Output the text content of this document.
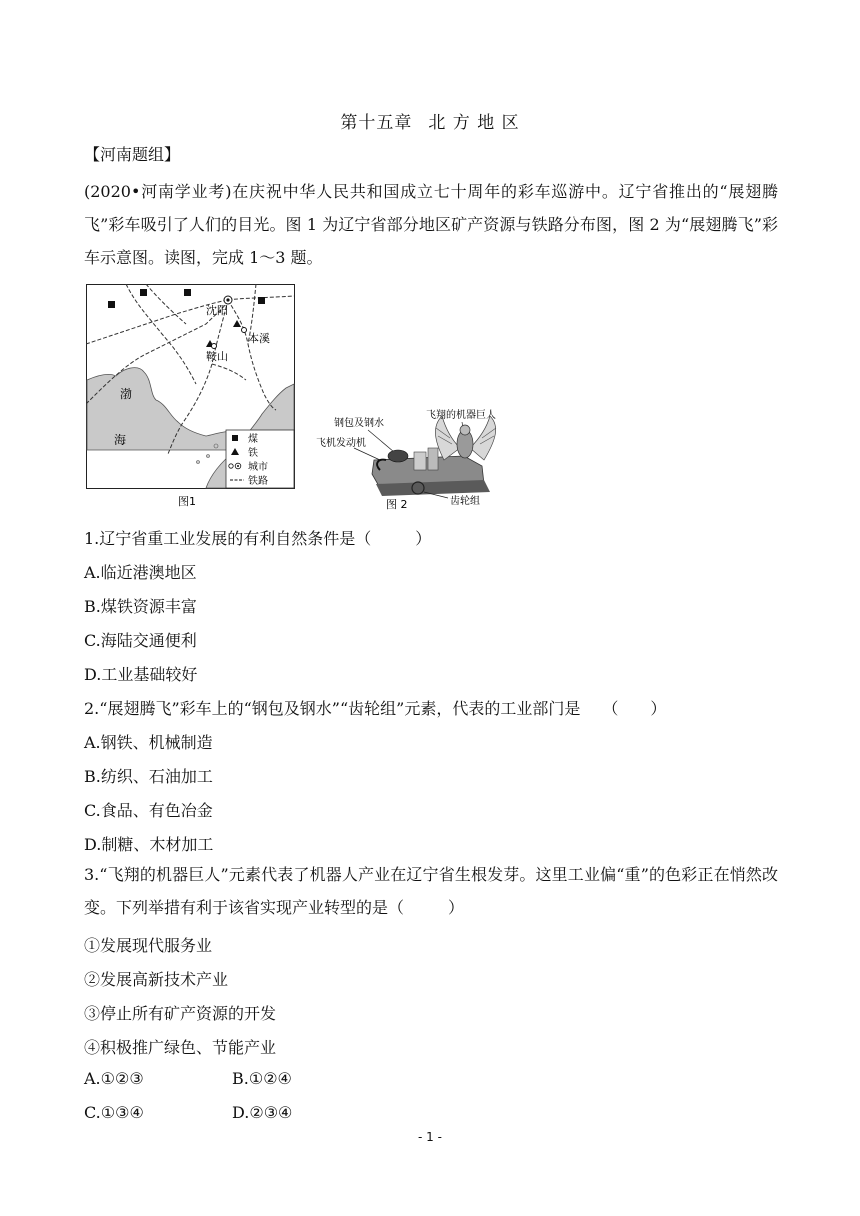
第十五章 北 方 地 区
【河南题组】
(2020•河南学业考)在庆祝中华人民共和国成立七十周年的彩车巡游中。辽宁省推出的“展翅腾飞”彩车吸引了人们的目光。图 1 为辽宁省部分地区矿产资源与铁路分布图，图 2 为“展翅腾飞”彩车示意图。读图，完成 1～3 题。
沈阳
本溪
鞍山
渤
海	煤
铁
城市
铁路
图1
钢包及钢水
飞翔的机器巨人
飞机发动机
齿轮组
图 2
1.辽宁省重工业发展的有利自然条件是（	）
A.临近港澳地区
B.煤铁资源丰富
C.海陆交通便利
D.工业基础较好
2.“展翅腾飞”彩车上的“钢包及钢水”“齿轮组”元素，代表的工业部门是 （　　）
A.钢铁、机械制造
B.纺织、石油加工
C.食品、有色冶金
D.制糖、木材加工
3.“飞翔的机器巨人”元素代表了机器人产业在辽宁省生根发芽。这里工业偏“重”的色彩正在悄然改变。下列举措有利于该省实现产业转型的是（	）
①发展现代服务业
②发展高新技术产业
③停止所有矿产资源的开发
④积极推广绿色、节能产业
A.①②③	B.①②④
C.①③④	D.②③④
- 1 -
